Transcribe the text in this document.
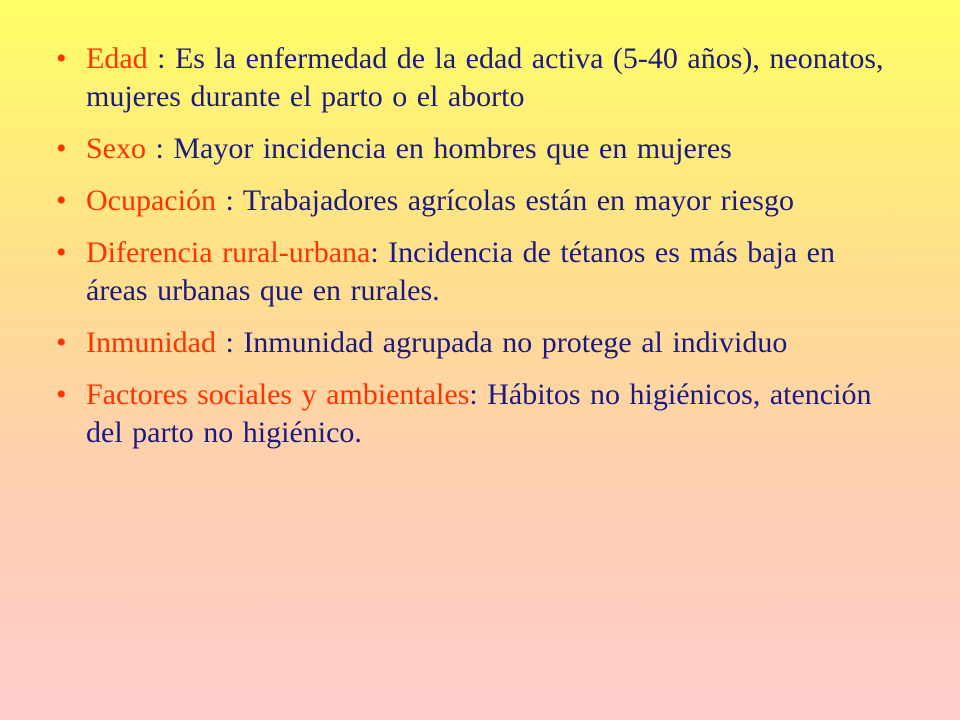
• Edad : Es la enfermedad de la edad activa (5-40 años), neonatos, mujeres durante el parto o el aborto
• Sexo : Mayor incidencia en hombres que en mujeres
• Ocupación : Trabajadores agrícolas están en mayor riesgo
• Diferencia rural-urbana: Incidencia de tétanos es más baja en áreas urbanas que en rurales.
• Inmunidad : Inmunidad agrupada no protege al individuo
• Factores sociales y ambientales: Hábitos no higiénicos, atención del parto no higiénico.
